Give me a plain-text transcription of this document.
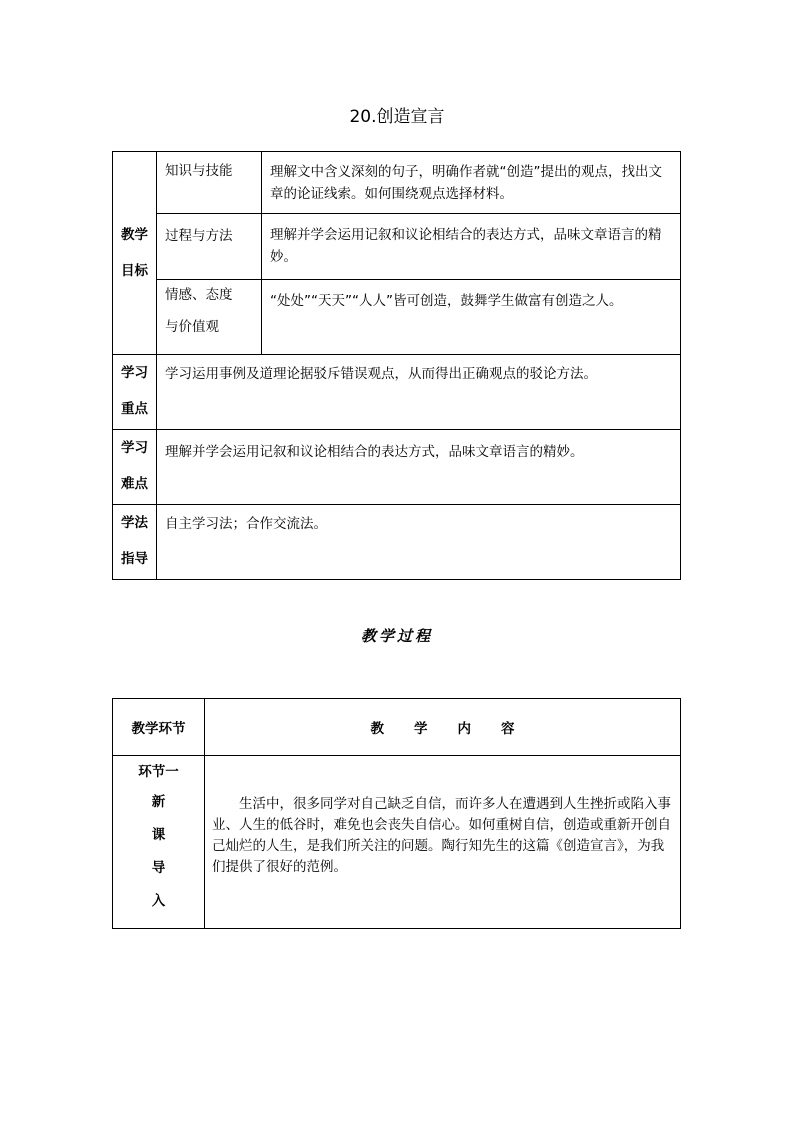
20.创造宣言
教学
目标	知识与技能	理解文中含义深刻的句子，明确作者就“创造”提出的观点，找出文章的论证线索。如何围绕观点选择材料。
	过程与方法	理解并学会运用记叙和议论相结合的表达方式，品味文章语言的精妙。

	情感、态度
与价值观	“处处”“天天”“人人”皆可创造，鼓舞学生做富有创造之人。

学习
重点	学习运用事例及道理论据驳斥错误观点，从而得出正确观点的驳论方法。	

学习
难点	理解并学会运用记叙和议论相结合的表达方式，品味文章语言的精妙。	

学法
指导	自主学习法；合作交流法。	
教学过程
教学环节	教学内容

环节一
新
课
导
入	生活中，很多同学对自己缺乏自信，而许多人在遭遇到人生挫折或陷入事业、人生的低谷时，难免也会丧失自信心。如何重树自信，创造或重新开创自己灿烂的人生，是我们所关注的问题。陶行知先生的这篇《创造宣言》，为我们提供了很好的范例。
